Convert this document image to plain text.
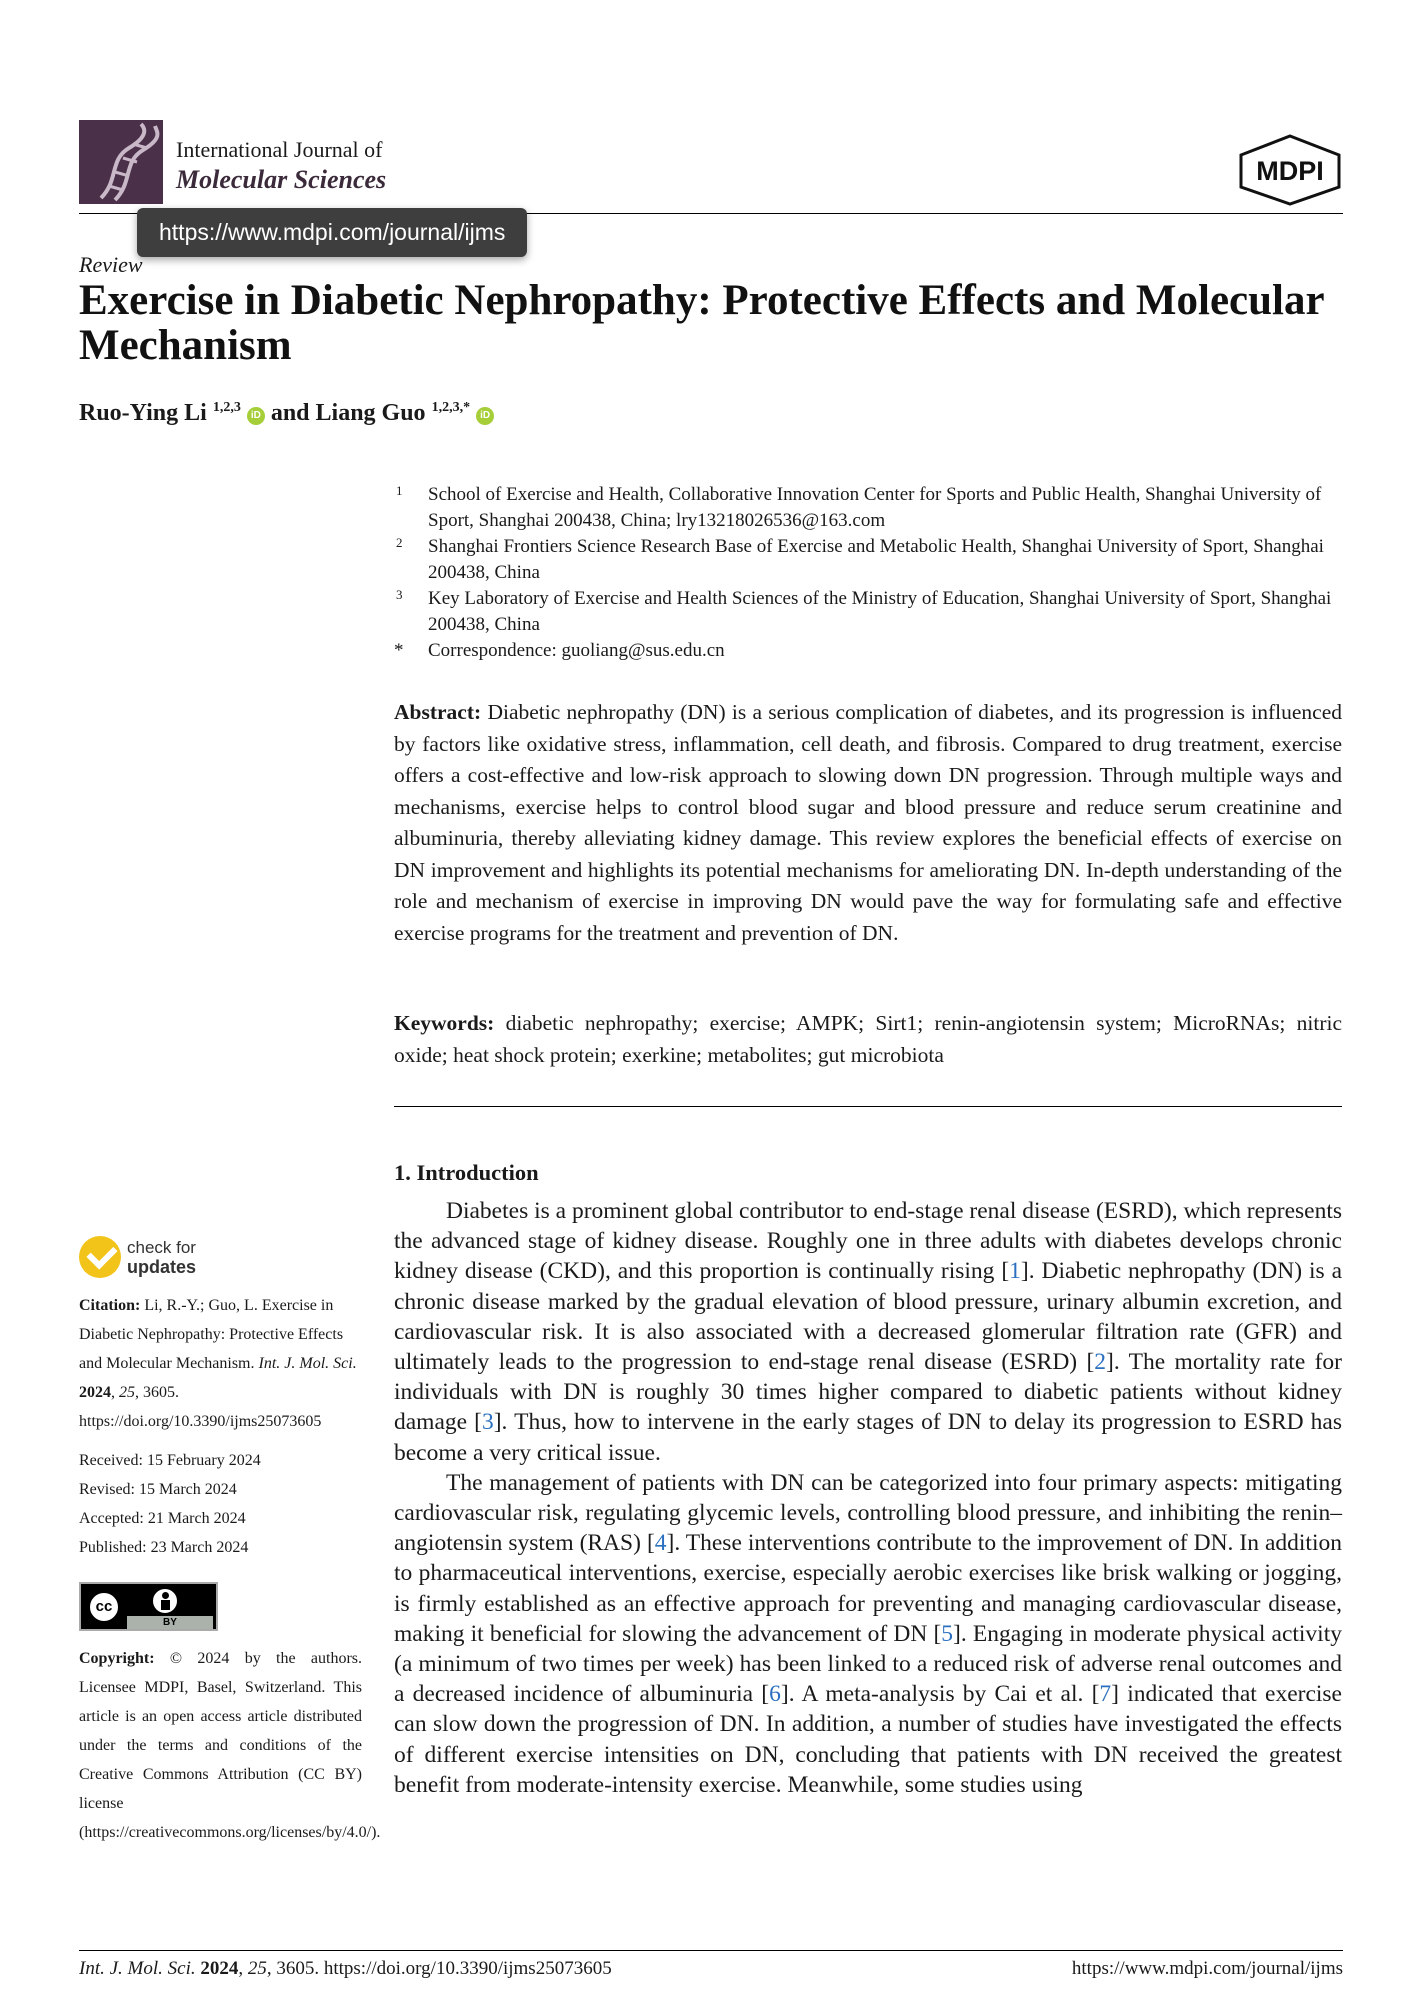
International Journal of
Molecular Sciences	MDPI
https://www.mdpi.com/journal/ijms
Review
Exercise in Diabetic Nephropathy: Protective Effects and Molecular Mechanism
Ruo-Ying Li $^{1,2,3}$ iD and Liang Guo $^{1,2,3,*}$ iD
1 School of Exercise and Health, Collaborative Innovation Center for Sports and Public Health, Shanghai University of Sport, Shanghai 200438, China; lry13218026536@163.com
2 Shanghai Frontiers Science Research Base of Exercise and Metabolic Health, Shanghai University of Sport, Shanghai 200438, China
3 Key Laboratory of Exercise and Health Sciences of the Ministry of Education, Shanghai University of Sport, Shanghai 200438, China
* Correspondence: guoliang@sus.edu.cn
Abstract: Diabetic nephropathy (DN) is a serious complication of diabetes, and its progression is influenced by factors like oxidative stress, inflammation, cell death, and fibrosis. Compared to drug treatment, exercise offers a cost-effective and low-risk approach to slowing down DN progression. Through multiple ways and mechanisms, exercise helps to control blood sugar and blood pressure and reduce serum creatinine and albuminuria, thereby alleviating kidney damage. This review explores the beneficial effects of exercise on DN improvement and highlights its potential mechanisms for ameliorating DN. In-depth understanding of the role and mechanism of exercise in improving DN would pave the way for formulating safe and effective exercise programs for the treatment and prevention of DN.
Keywords: diabetic nephropathy; exercise; AMPK; Sirt1; renin-angiotensin system; MicroRNAs; nitric oxide; heat shock protein; exerkine; metabolites; gut microbiota
1. Introduction

Diabetes is a prominent global contributor to end-stage renal disease (ESRD), which represents the advanced stage of kidney disease. Roughly one in three adults with diabetes develops chronic kidney disease (CKD), and this proportion is continually rising [1]. Diabetic nephropathy (DN) is a chronic disease marked by the gradual elevation of blood pressure, urinary albumin excretion, and cardiovascular risk. It is also associated with a decreased glomerular filtration rate (GFR) and ultimately leads to the progression to end-stage renal disease (ESRD) [2]. The mortality rate for individuals with DN is roughly 30 times higher compared to diabetic patients without kidney damage [3]. Thus, how to intervene in the early stages of DN to delay its progression to ESRD has become a very critical issue.

The management of patients with DN can be categorized into four primary aspects: mitigating cardiovascular risk, regulating glycemic levels, controlling blood pressure, and inhibiting the renin–angiotensin system (RAS) [4]. These interventions contribute to the improvement of DN. In addition to pharmaceutical interventions, exercise, especially aerobic exercises like brisk walking or jogging, is firmly established as an effective approach for preventing and managing cardiovascular disease, making it beneficial for slowing the advancement of DN [5]. Engaging in moderate physical activity (a minimum of two times per week) has been linked to a reduced risk of adverse renal outcomes and a decreased incidence of albuminuria [6]. A meta-analysis by Cai et al. [7] indicated that exercise can slow down the progression of DN. In addition, a number of studies have investigated the effects of different exercise intensities on DN, concluding that patients with DN received the greatest benefit from moderate-intensity exercise. Meanwhile, some studies using

check for
updates
Citation: Li, R.-Y.; Guo, L. Exercise in Diabetic Nephropathy: Protective Effects and Molecular Mechanism. Int. J. Mol. Sci. 2024, 25, 3605. https://doi.org/10.3390/ijms25073605
Received: 15 February 2024
Revised: 15 March 2024
Accepted: 21 March 2024
Published: 23 March 2024
cc
BY
Copyright: © 2024 by the authors. Licensee MDPI, Basel, Switzerland. This article is an open access article distributed under the terms and conditions of the Creative Commons Attribution (CC BY) license (https://creativecommons.org/licenses/by/4.0/).
Int. J. Mol. Sci. 2024, 25, 3605. https://doi.org/10.3390/ijms25073605	https://www.mdpi.com/journal/ijms
